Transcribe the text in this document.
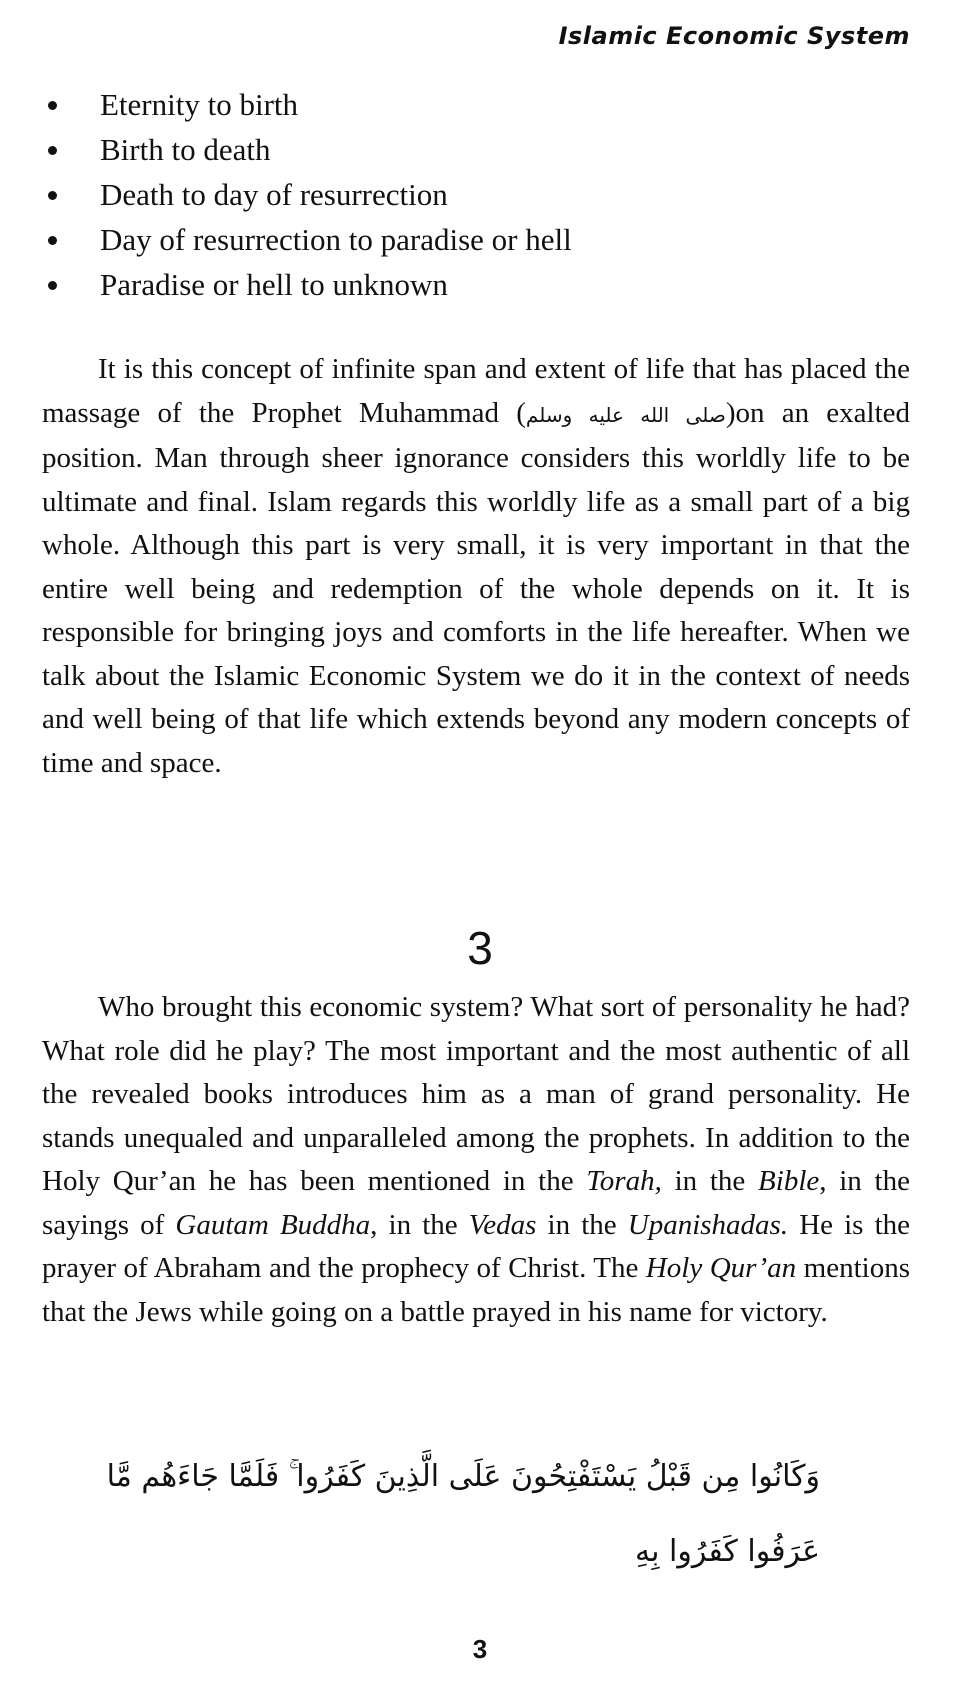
Islamic Economic System
Eternity to birth
Birth to death
Death to day of resurrection
Day of resurrection to paradise or hell
Paradise or hell to unknown

It is this concept of infinite span and extent of life that has placed the massage of the Prophet Muhammad (صلى الله عليه وسلم)on an exalted position. Man through sheer ignorance considers this worldly life to be ultimate and final. Islam regards this worldly life as a small part of a big whole. Although this part is very small, it is very important in that the entire well being and redemption of the whole depends on it. It is responsible for bringing joys and comforts in the life hereafter. When we talk about the Islamic Economic System we do it in the context of needs and well being of that life which extends beyond any modern concepts of time and space.

3

Who brought this economic system? What sort of personality he had? What role did he play? The most important and the most authentic of all the revealed books introduces him as a man of grand personality. He stands unequaled and unparalleled among the prophets. In addition to the Holy Qur’an he has been mentioned in the Torah, in the Bible, in the sayings of Gautam Buddha, in the Vedas in the Upanishadas. He is the prayer of Abraham and the prophecy of Christ. The Holy Qur’an mentions that the Jews while going on a battle prayed in his name for victory.

وَكَانُوا مِن قَبْلُ يَسْتَفْتِحُونَ عَلَى الَّذِينَ كَفَرُوا ۚ فَلَمَّا جَاءَهُم مَّا
عَرَفُوا كَفَرُوا بِهِ
3
